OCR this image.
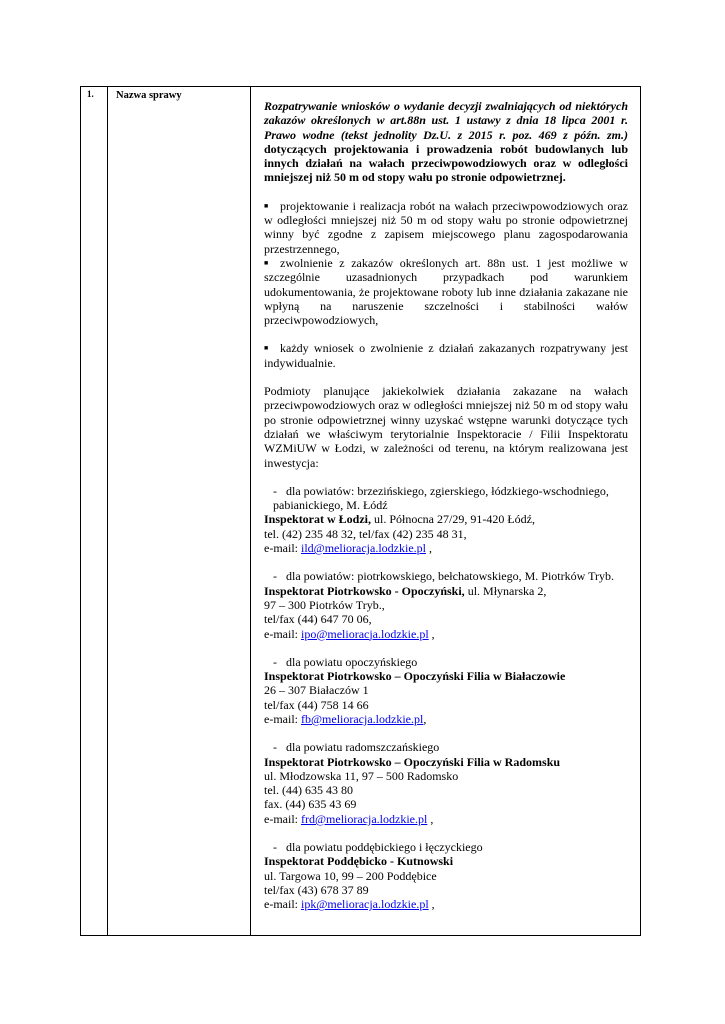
1. Nazwa sprawy

Rozpatrywanie wniosków o wydanie decyzji zwalniających od niektórych zakazów określonych w art.88n ust. 1 ustawy z dnia 18 lipca 2001 r. Prawo wodne (tekst jednolity Dz.U. z 2015 r. poz. 469 z późn. zm.) dotyczących projektowania i prowadzenia robót budowlanych lub innych działań na wałach przeciwpowodziowych oraz w odległości mniejszej niż 50 m od stopy wału po stronie odpowietrznej.

■ projektowanie i realizacja robót na wałach przeciwpowodziowych oraz w odległości mniejszej niż 50 m od stopy wału po stronie odpowietrznej winny być zgodne z zapisem miejscowego planu zagospodarowania przestrzennego,

■ zwolnienie z zakazów określonych art. 88n ust. 1 jest możliwe w szczególnie uzasadnionych przypadkach pod warunkiem udokumentowania, że projektowane roboty lub inne działania zakazane nie wpłyną na naruszenie szczelności i stabilności wałów przeciwpowodziowych,

■ każdy wniosek o zwolnienie z działań zakazanych rozpatrywany jest indywidualnie.

Podmioty planujące jakiekolwiek działania zakazane na wałach przeciwpowodziowych oraz w odległości mniejszej niż 50 m od stopy wału po stronie odpowietrznej winny uzyskać wstępne warunki dotyczące tych działań we właściwym terytorialnie Inspektoracie / Filii Inspektoratu WZMiUW w Łodzi, w zależności od terenu, na którym realizowana jest inwestycja:

- dla powiatów: brzezińskiego, zgierskiego, łódzkiego-wschodniego,

pabianickiego, M. Łódź

Inspektorat w Łodzi, ul. Północna 27/29, 91-420 Łódź,

tel. (42) 235 48 32, tel/fax (42) 235 48 31,

e-mail: ild@melioracja.lodzkie.pl ,

- dla powiatów: piotrkowskiego, bełchatowskiego, M. Piotrków Tryb.

Inspektorat Piotrkowsko - Opoczyński, ul. Młynarska 2,

97 – 300 Piotrków Tryb.,

tel/fax (44) 647 70 06,

e-mail: ipo@melioracja.lodzkie.pl ,

- dla powiatu opoczyńskiego

Inspektorat Piotrkowsko – Opoczyński Filia w Białaczowie

26 – 307 Białaczów 1

tel/fax (44) 758 14 66

e-mail: fb@melioracja.lodzkie.pl,

- dla powiatu radomszczańskiego

Inspektorat Piotrkowsko – Opoczyński Filia w Radomsku

ul. Młodzowska 11, 97 – 500 Radomsko

tel. (44) 635 43 80

fax. (44) 635 43 69

e-mail: frd@melioracja.lodzkie.pl ,

- dla powiatu poddębickiego i łęczyckiego

Inspektorat Poddębicko - Kutnowski

ul. Targowa 10, 99 – 200 Poddębice

tel/fax (43) 678 37 89

e-mail: ipk@melioracja.lodzkie.pl ,
